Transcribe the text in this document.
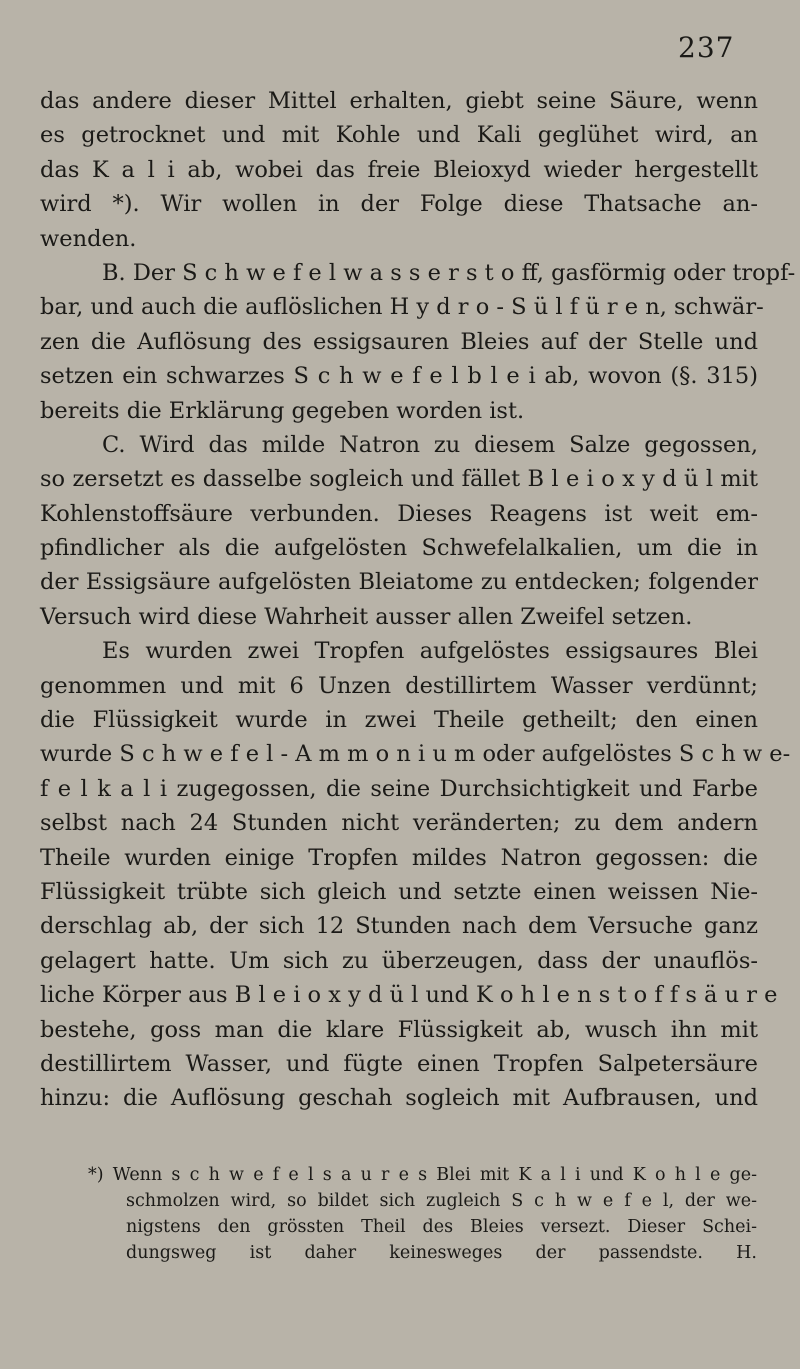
237
das andere dieser Mittel erhalten, giebt seine Säure, wenn
es getrocknet und mit Kohle und Kali geglühet wird, an
das K a l i ab, wobei das freie Bleioxyd wieder hergestellt
wird *). Wir wollen in der Folge diese Thatsache an-
wenden.
B. Der S c h w e f e l w a s s e r s t o ff, gasförmig oder tropf-
bar, und auch die auflöslichen H y d r o - S ü l f ü r e n, schwär-
zen die Auflösung des essigsauren Bleies auf der Stelle und
setzen ein schwarzes S c h w e f e l b l e i ab, wovon (§. 315)
bereits die Erklärung gegeben worden ist.
C. Wird das milde Natron zu diesem Salze gegossen,
so zersetzt es dasselbe sogleich und fället B l e i o x y d ü l mit
Kohlenstoffsäure verbunden. Dieses Reagens ist weit em-
pfindlicher als die aufgelösten Schwefelalkalien, um die in
der Essigsäure aufgelösten Bleiatome zu entdecken; folgender
Versuch wird diese Wahrheit ausser allen Zweifel setzen.
Es wurden zwei Tropfen aufgelöstes essigsaures Blei
genommen und mit 6 Unzen destillirtem Wasser verdünnt;
die Flüssigkeit wurde in zwei Theile getheilt; den einen
wurde S c h w e f e l - A m m o n i u m oder aufgelöstes S c h w e-
f e l k a l i zugegossen, die seine Durchsichtigkeit und Farbe
selbst nach 24 Stunden nicht veränderten; zu dem andern
Theile wurden einige Tropfen mildes Natron gegossen: die
Flüssigkeit trübte sich gleich und setzte einen weissen Nie-
derschlag ab, der sich 12 Stunden nach dem Versuche ganz
gelagert hatte. Um sich zu überzeugen, dass der unauflös-
liche Körper aus B l e i o x y d ü l und K o h l e n s t o f f s ä u r e
bestehe, goss man die klare Flüssigkeit ab, wusch ihn mit
destillirtem Wasser, und fügte einen Tropfen Salpetersäure
hinzu: die Auflösung geschah sogleich mit Aufbrausen, und
*) Wenn s c h w e f e l s a u r e s Blei mit K a l i und K o h l e ge-
schmolzen wird, so bildet sich zugleich S c h w e f e l, der we-
nigstens den grössten Theil des Bleies versezt. Dieser Schei-
dungsweg ist daher keinesweges der passendste. H.
